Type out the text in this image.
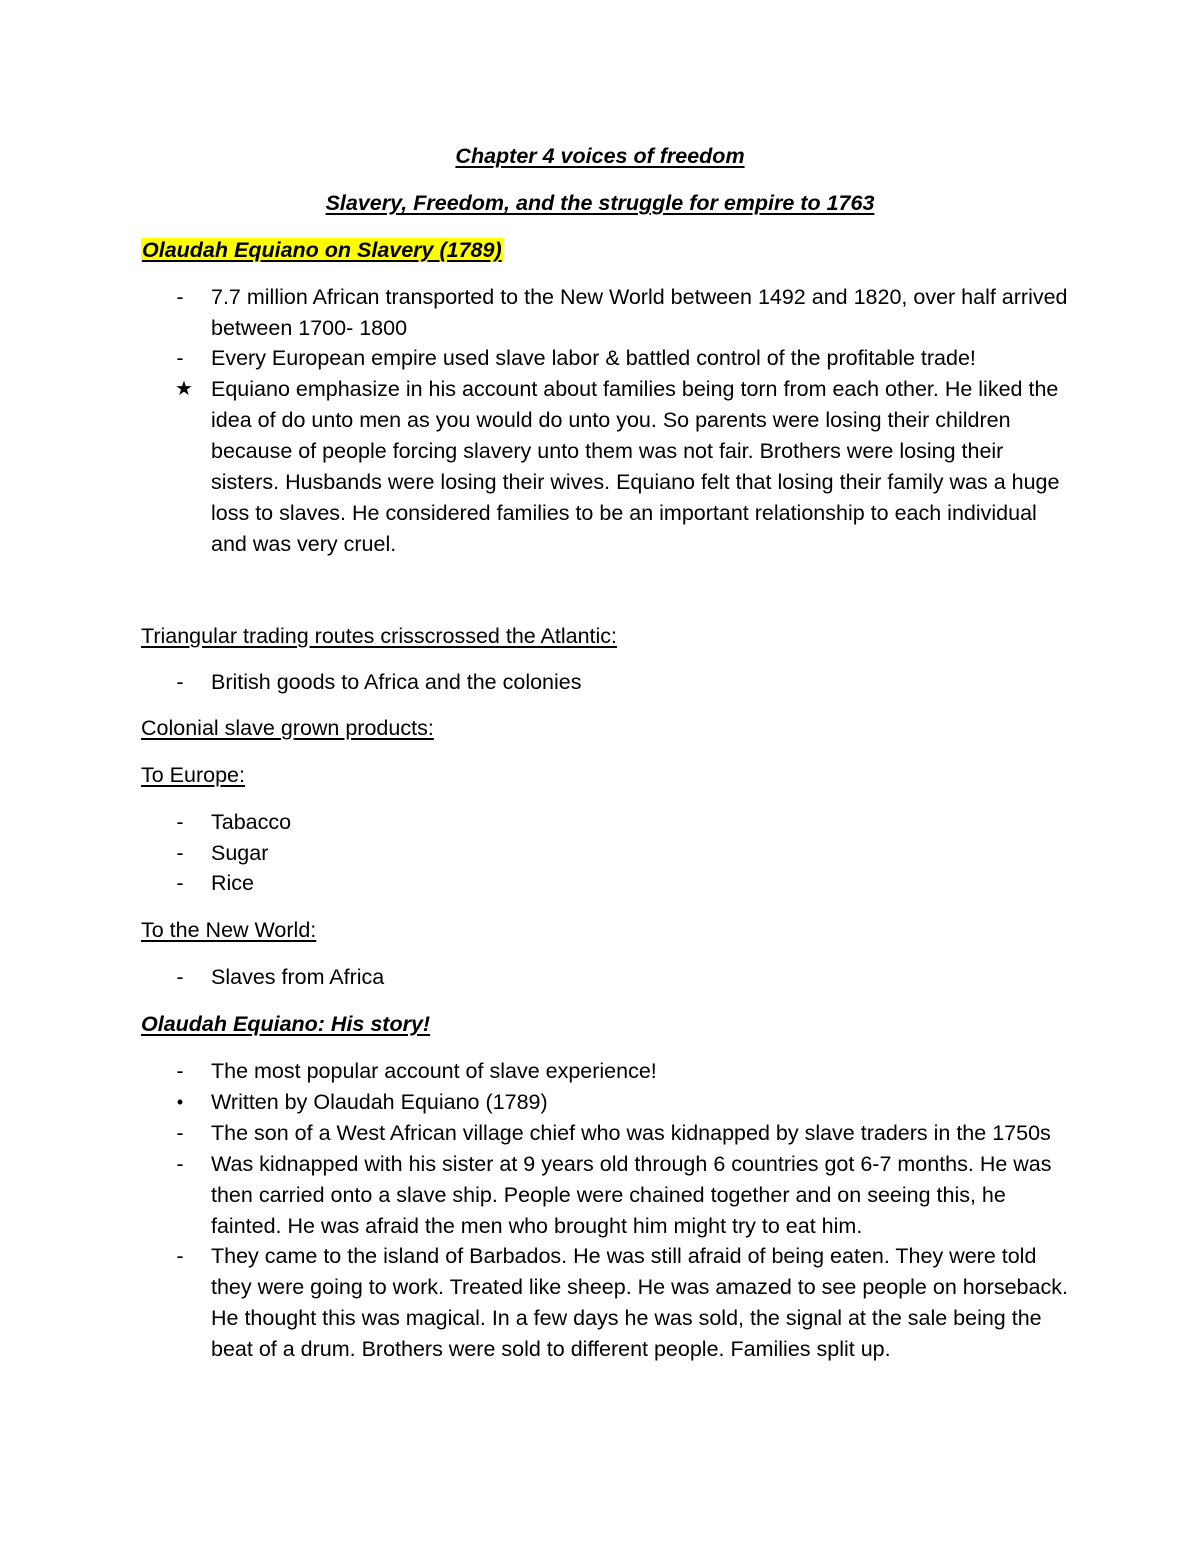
Chapter 4 voices of freedom
Slavery, Freedom, and the struggle for empire to 1763
Olaudah Equiano on Slavery (1789)
-	7.7 million African transported to the New World between 1492 and 1820, over half arrived between 1700- 1800
-	Every European empire used slave labor & battled control of the profitable trade!
★ Equiano emphasize in his account about families being torn from each other. He liked the idea of do unto men as you would do unto you. So parents were losing their children because of people forcing slavery unto them was not fair. Brothers were losing their sisters. Husbands were losing their wives. Equiano felt that losing their family was a huge loss to slaves. He considered families to be an important relationship to each individual and was very cruel.
Triangular trading routes crisscrossed the Atlantic:
-	British goods to Africa and the colonies
Colonial slave grown products:
To Europe:
-	Tabacco
-	Sugar
-	Rice
To the New World:
-	Slaves from Africa
Olaudah Equiano: His story!
-	The most popular account of slave experience!
•	Written by Olaudah Equiano (1789)
-	The son of a West African village chief who was kidnapped by slave traders in the 1750s
-	Was kidnapped with his sister at 9 years old through 6 countries got 6-7 months. He was then carried onto a slave ship. People were chained together and on seeing this, he fainted. He was afraid the men who brought him might try to eat him.
-	They came to the island of Barbados. He was still afraid of being eaten. They were told they were going to work. Treated like sheep. He was amazed to see people on horseback. He thought this was magical. In a few days he was sold, the signal at the sale being the beat of a drum. Brothers were sold to different people. Families split up.
